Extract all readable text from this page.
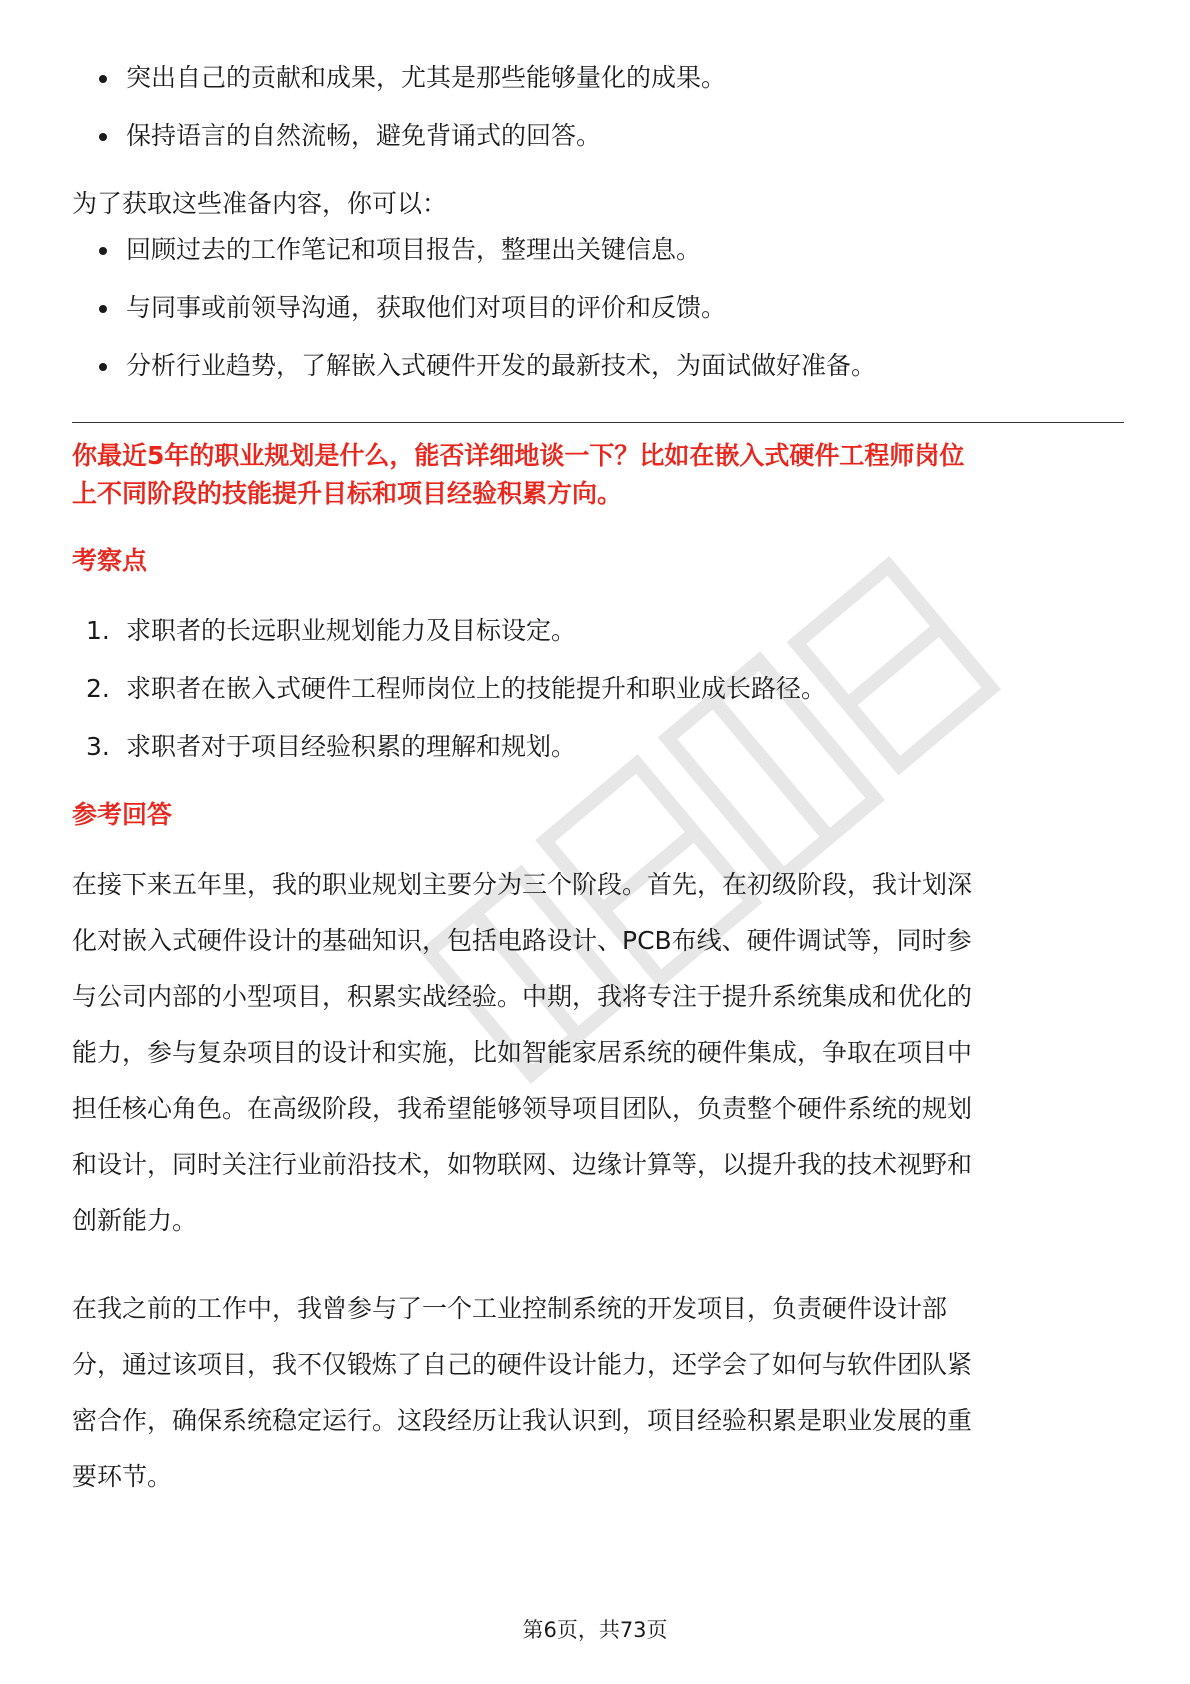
突出自己的贡献和成果，尤其是那些能够量化的成果。
保持语言的自然流畅，避免背诵式的回答。

为了获取这些准备内容，你可以：

回顾过去的工作笔记和项目报告，整理出关键信息。
与同事或前领导沟通，获取他们对项目的评价和反馈。
分析行业趋势，了解嵌入式硬件开发的最新技术，为面试做好准备。

你最近5年的职业规划是什么，能否详细地谈一下？比如在嵌入式硬件工程师岗位

上不同阶段的技能提升目标和项目经验积累方向。

考察点
1. 求职者的长远职业规划能力及目标设定。
2. 求职者在嵌入式硬件工程师岗位上的技能提升和职业成长路径。
3. 求职者对于项目经验积累的理解和规划。
参考回答

在接下来五年里，我的职业规划主要分为三个阶段。首先，在初级阶段，我计划深

化对嵌入式硬件设计的基础知识，包括电路设计、PCB布线、硬件调试等，同时参

与公司内部的小型项目，积累实战经验。中期，我将专注于提升系统集成和优化的

能力，参与复杂项目的设计和实施，比如智能家居系统的硬件集成，争取在项目中

担任核心角色。在高级阶段，我希望能够领导项目团队，负责整个硬件系统的规划

和设计，同时关注行业前沿技术，如物联网、边缘计算等，以提升我的技术视野和

创新能力。

在我之前的工作中，我曾参与了一个工业控制系统的开发项目，负责硬件设计部

分，通过该项目，我不仅锻炼了自己的硬件设计能力，还学会了如何与软件团队紧

密合作，确保系统稳定运行。这段经历让我认识到，项目经验积累是职业发展的重

要环节。

第6页，共73页
